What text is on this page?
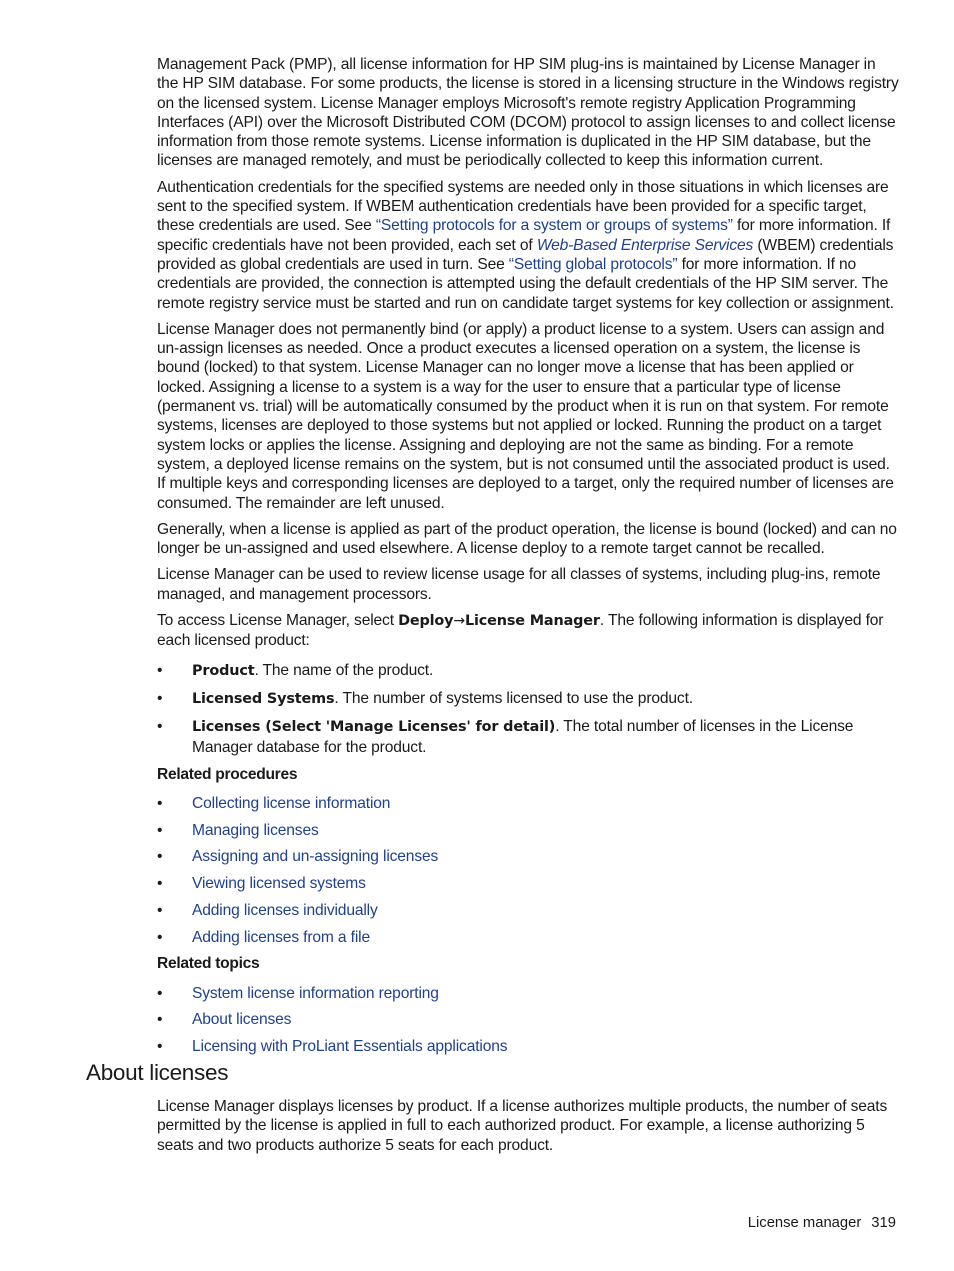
Management Pack (PMP), all license information for HP SIM plug-ins is maintained by License Manager in the HP SIM database. For some products, the license is stored in a licensing structure in the Windows registry on the licensed system. License Manager employs Microsoft's remote registry Application Programming Interfaces (API) over the Microsoft Distributed COM (DCOM) protocol to assign licenses to and collect license information from those remote systems. License information is duplicated in the HP SIM database, but the licenses are managed remotely, and must be periodically collected to keep this information current.

Authentication credentials for the specified systems are needed only in those situations in which licenses are sent to the specified system. If WBEM authentication credentials have been provided for a specific target, these credentials are used. See “Setting protocols for a system or groups of systems” for more information. If specific credentials have not been provided, each set of Web-Based Enterprise Services (WBEM) credentials provided as global credentials are used in turn. See “Setting global protocols” for more information. If no credentials are provided, the connection is attempted using the default credentials of the HP SIM server. The remote registry service must be started and run on candidate target systems for key collection or assignment.

License Manager does not permanently bind (or apply) a product license to a system. Users can assign and un-assign licenses as needed. Once a product executes a licensed operation on a system, the license is bound (locked) to that system. License Manager can no longer move a license that has been applied or locked. Assigning a license to a system is a way for the user to ensure that a particular type of license (permanent vs. trial) will be automatically consumed by the product when it is run on that system. For remote systems, licenses are deployed to those systems but not applied or locked. Running the product on a target system locks or applies the license. Assigning and deploying are not the same as binding. For a remote system, a deployed license remains on the system, but is not consumed until the associated product is used. If multiple keys and corresponding licenses are deployed to a target, only the required number of licenses are consumed. The remainder are left unused.

Generally, when a license is applied as part of the product operation, the license is bound (locked) and can no longer be un-assigned and used elsewhere. A license deploy to a remote target cannot be recalled.

License Manager can be used to review license usage for all classes of systems, including plug-ins, remote managed, and management processors.

To access License Manager, select Deploy→License Manager. The following information is displayed for each licensed product:

• Product. The name of the product.
• Licensed Systems. The number of systems licensed to use the product.
• Licenses (Select 'Manage Licenses' for detail). The total number of licenses in the License Manager database for the product.
Related procedures
• Collecting license information
• Managing licenses
• Assigning and un-assigning licenses
• Viewing licensed systems
• Adding licenses individually
• Adding licenses from a file
Related topics
• System license information reporting
• About licenses
• Licensing with ProLiant Essentials applications
About licenses

License Manager displays licenses by product. If a license authorizes multiple products, the number of seats permitted by the license is applied in full to each authorized product. For example, a license authorizing 5 seats and two products authorize 5 seats for each product.

License manager 319
